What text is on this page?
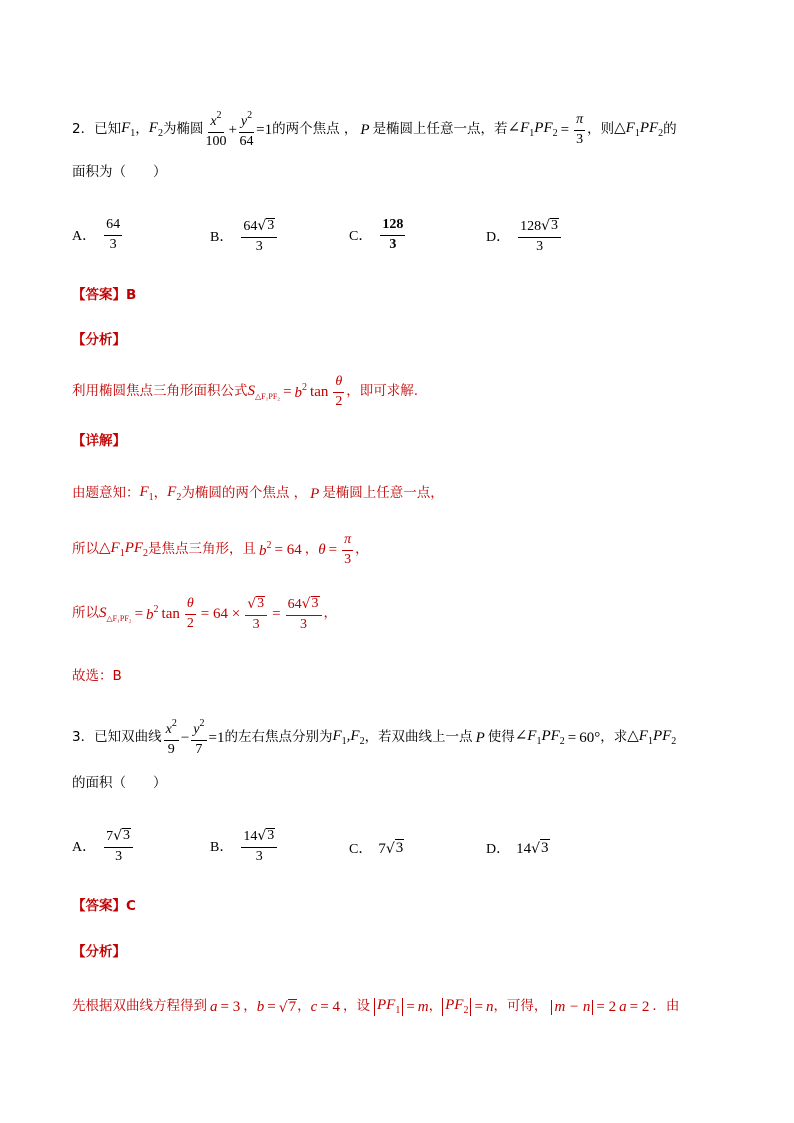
2． 已知 $F_1$ ， $F_2$ 为椭圆 $\frac{x^2}{100} + \frac{y^2}{64} =1$ 的两个焦点 ， P 是椭圆上任意一点，若 $\angle F_1PF_2 = \frac{\pi}{3}$ ，则 $\triangle F_1PF_2$ 的
面积为（　　）
A． $\frac{64}{3}$	B． $\frac{64 √ 3}{3}$	C． $\frac{128}{3}$	D． $\frac{128 √ 3}{3}$
【答案】B
【分析】
利用椭圆焦点三角形面积公式 $S_{\triangle F_1PF_2} = b^2$ $\tan \frac{\theta}{2}$ ，即可求解.
【详解】
由题意知： $F_1$ ， $F_2$ 为椭圆的两个焦点 ， P 是椭圆上任意一点，
所以 $\triangle F_1PF_2$ 是焦点三角形，且 $b^2 = 64$ ， $\theta = \frac{\pi}{3}$ ，
所以 $S_{\triangle F_1PF_2} = b^2$ $\tan \frac{\theta}{2} = 64 \times \frac{√ 3}{3} = \frac{64 √ 3}{3}$ ，
故选：B
3． 已知双曲线 $\frac{x^2}{9} - \frac{y^2}{7} =1$ 的左右焦点分别为 $F_1,F_2$ ，若双曲线上一点 P 使得 $\angle F_1PF_2 = 60^\circ$ ，求 $\triangle F_1PF_2$
的面积（　　）
A． $\frac{7 √ 3}{3}$	B． $\frac{14 √ 3}{3}$	C． 7 √ 3	D． 14 √ 3
【答案】C
【分析】
先根据双曲线方程得到 a = 3 ， b = √ 7 ， c = 4 ，设 $PF_1 = m$ ， $PF_2 = n$ ，可得， m − n = 2 a = 2 ．由
